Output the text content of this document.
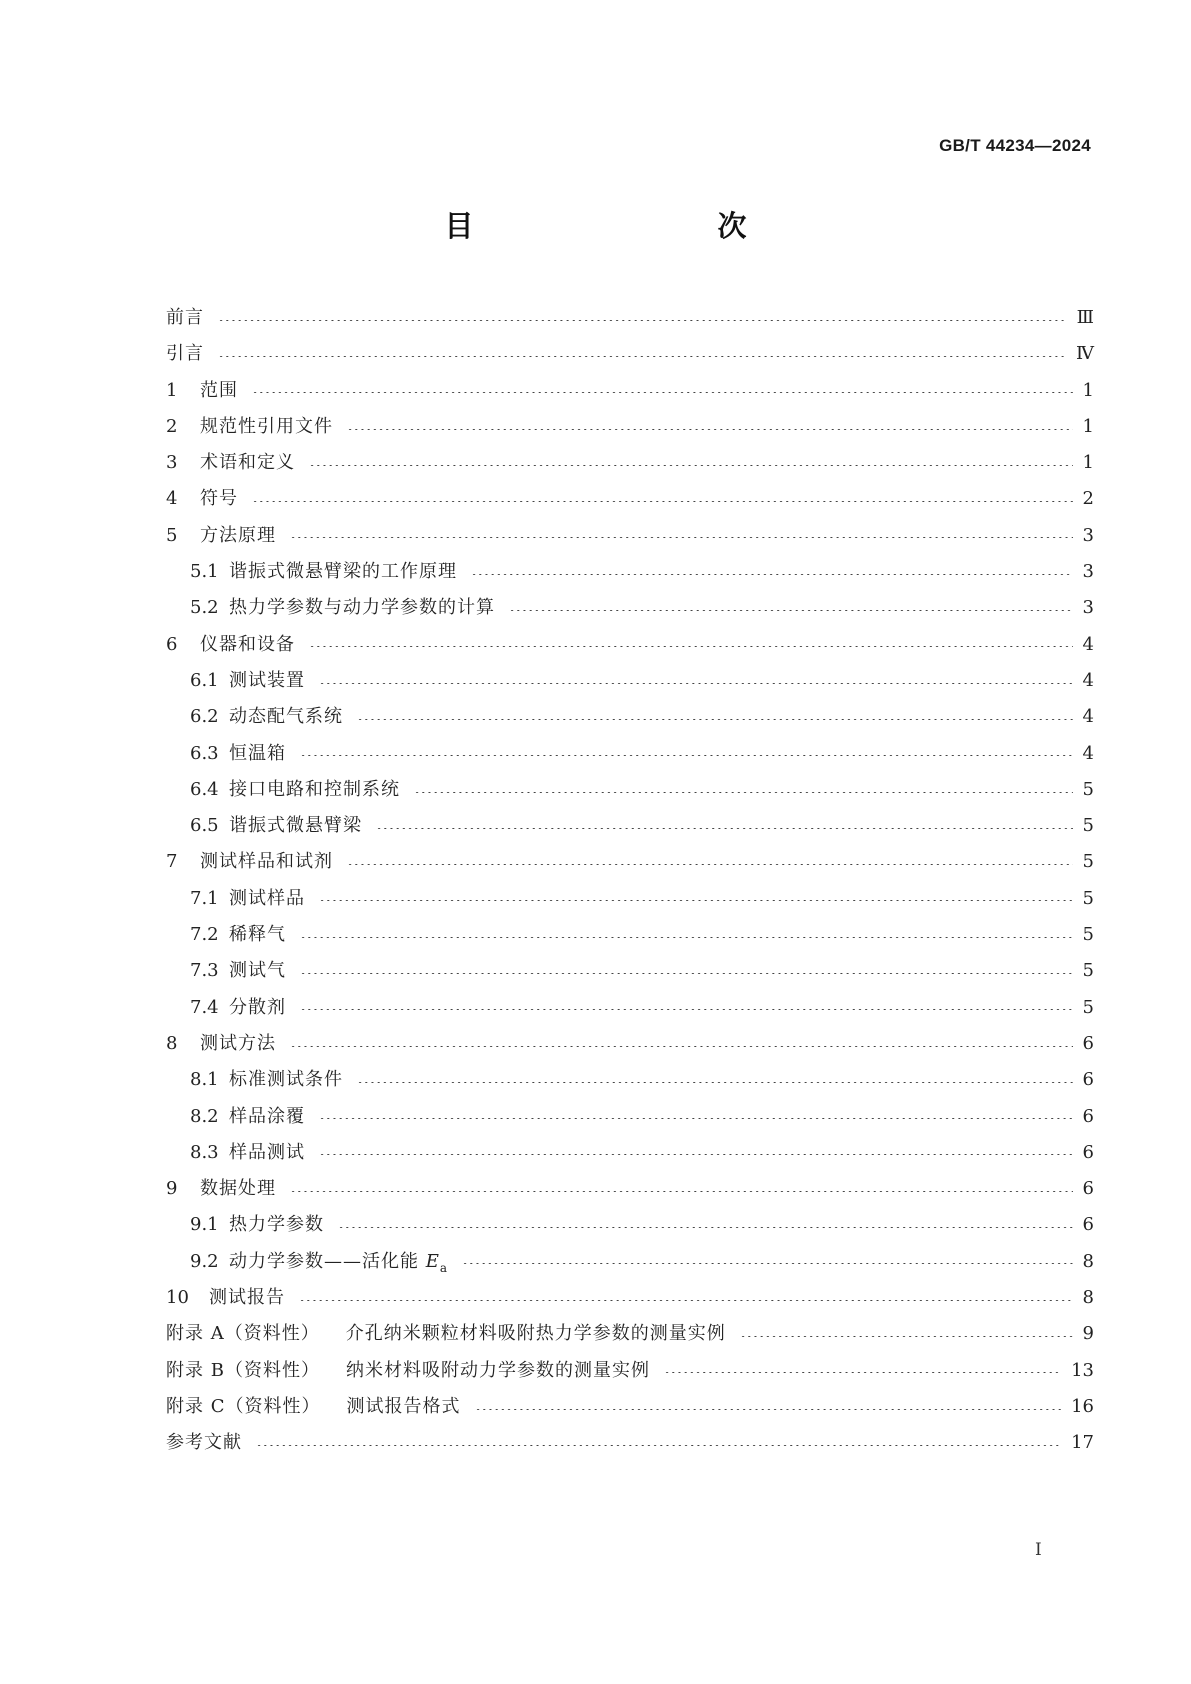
GB/T 44234—2024
目　　次
前言	Ⅲ
引言	Ⅳ
1	范围	1
2	规范性引用文件	1
3	术语和定义	1
4	符号	2
5	方法原理	3
5.1 谐振式微悬臂梁的工作原理	3
5.2 热力学参数与动力学参数的计算	3
6	仪器和设备	4
6.1 测试装置	4
6.2 动态配气系统	4
6.3 恒温箱	4
6.4 接口电路和控制系统	5
6.5 谐振式微悬臂梁	5
7	测试样品和试剂	5
7.1 测试样品	5
7.2 稀释气	5
7.3 测试气	5
7.4 分散剂	5
8	测试方法	6
8.1 标准测试条件	6
8.2 样品涂覆	6
8.3 样品测试	6
9	数据处理	6
9.1 热力学参数	6
9.2 动力学参数——活化能 $E_a$	8
10	测试报告	8
附录 A（资料性） 介孔纳米颗粒材料吸附热力学参数的测量实例	9
附录 B（资料性） 纳米材料吸附动力学参数的测量实例	13
附录 C（资料性） 测试报告格式	16
参考文献	17
I
